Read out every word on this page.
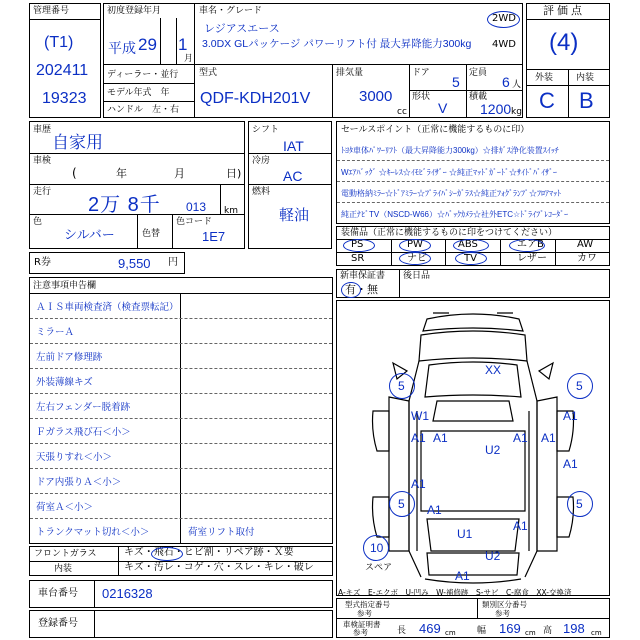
管理番号
(T1)
202411
19323
初度登録年月
平成 29 1
月
車名・グレード
レジアスエース
3.0DX GLパッケージ パワーリフト付 最大昇降能力300kg
2WD
4WD
ディーラー・並行
モデル年式　年
ハンドル　左・右
型式
QDF-KDH201V
排気量
3000
cc
ドア
5
定員
6 人
形状
V
積載
1200 kg
評価点
(4)
外装	内装
C B
車歴
自家用
車検
(	年	月	日)
走行
2万 8千 013 km
色
シルバー	色替
色コード
1E7
シフト
IAT
冷房
AC
燃料
軽油
R券	9,550 円
セールスポイント（正常に機能するものに印）
ﾄﾖﾀ車体ﾊﾟﾜｰﾘﾌﾄ（最大昇降能力300kg）☆排ｶﾞｽ浄化装置ｽｲｯﾁ
Wｴｱﾊﾞｯｸﾞ ☆ｷｰﾚｽ☆ｲﾓﾋﾞﾗｲｻﾞｰ ☆純正ﾏｯﾄﾞｶﾞｰﾄﾞ☆ｻｲﾄﾞﾊﾞｲｻﾞｰ
電動格納ﾐﾗｰ☆ﾄﾞｱﾐﾗｰ☆ﾌﾟﾗｲﾊﾞｼｰｶﾞﾗｽ☆純正ﾌｫｸﾞﾗﾝﾌﾟ☆ﾌﾛｱﾏｯﾄ
純正ﾅﾋﾞTV（NSCD-W66）☆ﾊﾞｯｸｶﾒﾗ☆社外ETC☆ﾄﾞﾗｲﾌﾞﾚｺｰﾀﾞｰ
装備品（正常に機能するものに印をつけてください）
PS	PW	ABS	エアB	AW
SR	ナビ	TV	レザー	カワ
新車保証書
有・無
後日品
注意事項申告欄
ＡＩＳ車両検査済（検査票転記）
ミラーＡ
左前ドア修理跡
外装薄線キズ
左右フェンダー脱着跡
Ｆガラス飛び石＜小＞
天張りすれ＜小＞
ドア内張りＡ＜小＞
荷室Ａ＜小＞
トランクマット切れ＜小＞	荷室リフト取付
フロントガラス	キズ・飛石・ヒビ割・リペア跡・Ｘ要
内装	キズ・汚レ・コゲ・穴・スレ・キレ・破レ
車台番号 0216328
登録番号
XX
5	5
W1	A1
A1 A1	A1 A1
U2
A1
A1
5	5
A1
A1
U1
U2
A1
10
スペア
A-キズ　E-エクボ　U-凹み　W-補修跡　S-サビ　C-腐食　XX-交換済
型式指定番号
参考
類別区分番号
参考
車検証明書
参考	長 469 cm 幅 169 cm 高 198 cm
